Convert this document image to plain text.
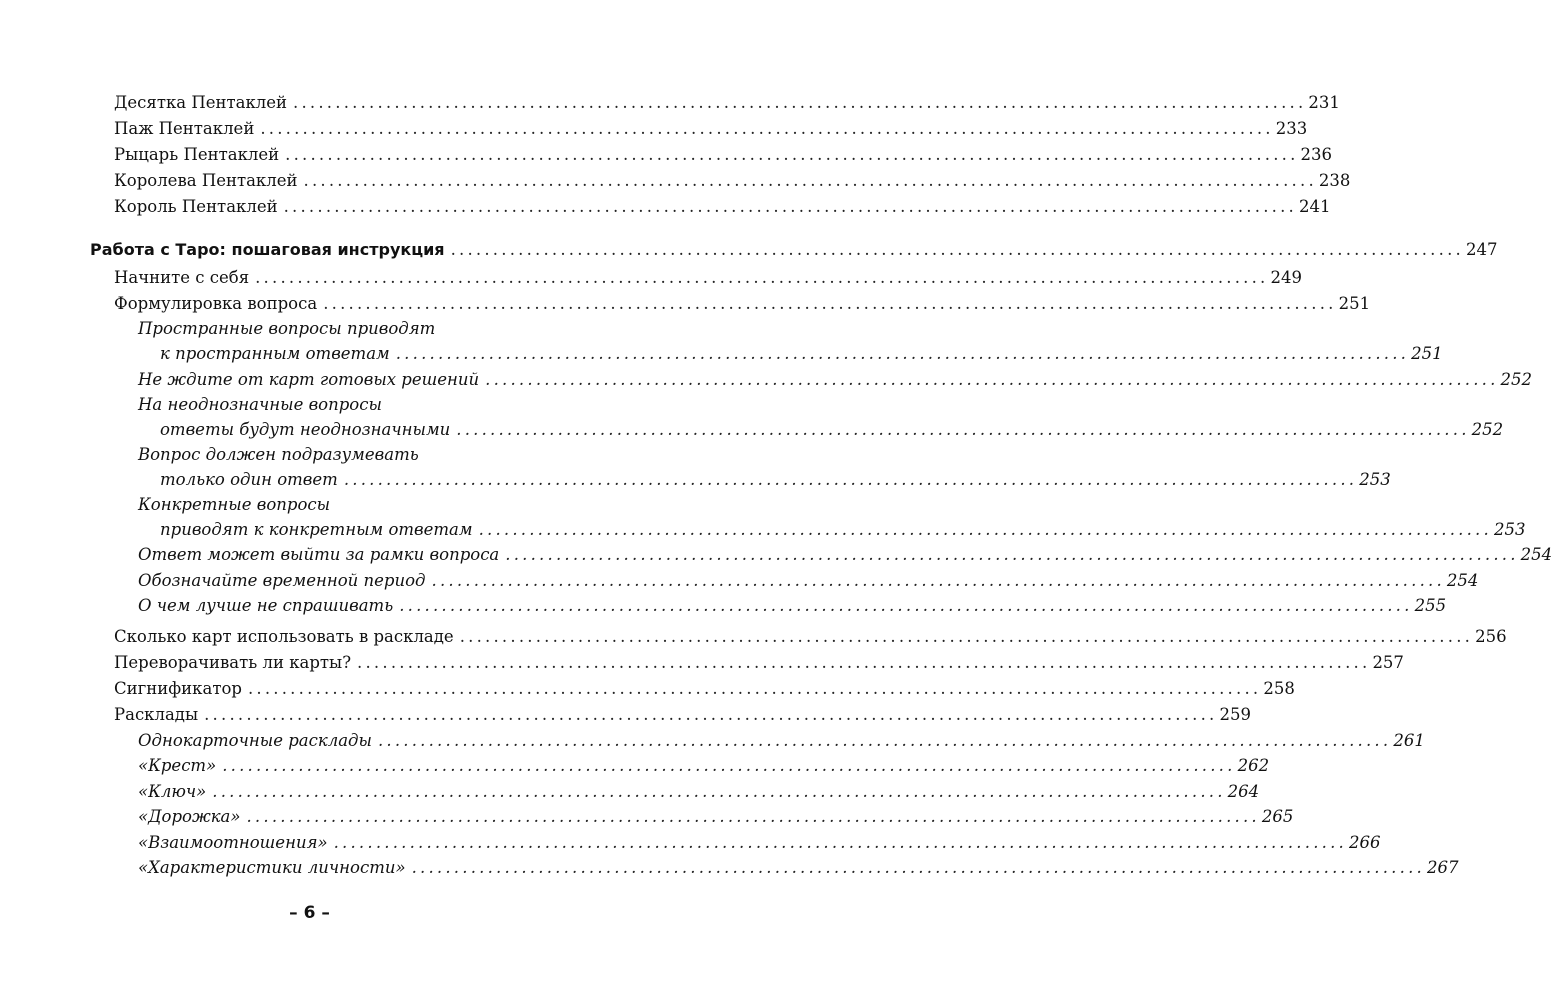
Десятка Пентаклей ........................................................................................................................ 231
Паж Пентаклей ........................................................................................................................ 233
Рыцарь Пентаклей ........................................................................................................................ 236
Королева Пентаклей ........................................................................................................................ 238
Король Пентаклей ........................................................................................................................ 241
Работа с Таро: пошаговая инструкция ........................................................................................................................ 247
Начните с себя ........................................................................................................................ 249
Формулировка вопроса ........................................................................................................................ 251
Пространные вопросы приводят
к пространным ответам ........................................................................................................................ 251
Не ждите от карт готовых решений ........................................................................................................................ 252
На неоднозначные вопросы
ответы будут неоднозначными ........................................................................................................................ 252
Вопрос должен подразумевать
только один ответ ........................................................................................................................ 253
Конкретные вопросы
приводят к конкретным ответам ........................................................................................................................ 253
Ответ может выйти за рамки вопроса ........................................................................................................................ 254
Обозначайте временной период ........................................................................................................................ 254
О чем лучше не спрашивать ........................................................................................................................ 255
Сколько карт использовать в раскладе ........................................................................................................................ 256
Переворачивать ли карты? ........................................................................................................................ 257
Сигнификатор ........................................................................................................................ 258
Расклады ........................................................................................................................ 259
Однокарточные расклады ........................................................................................................................ 261
«Крест» ........................................................................................................................ 262
«Ключ» ........................................................................................................................ 264
«Дорожка» ........................................................................................................................ 265
«Взаимоотношения» ........................................................................................................................ 266
«Характеристики личности» ........................................................................................................................ 267
– 6 –
